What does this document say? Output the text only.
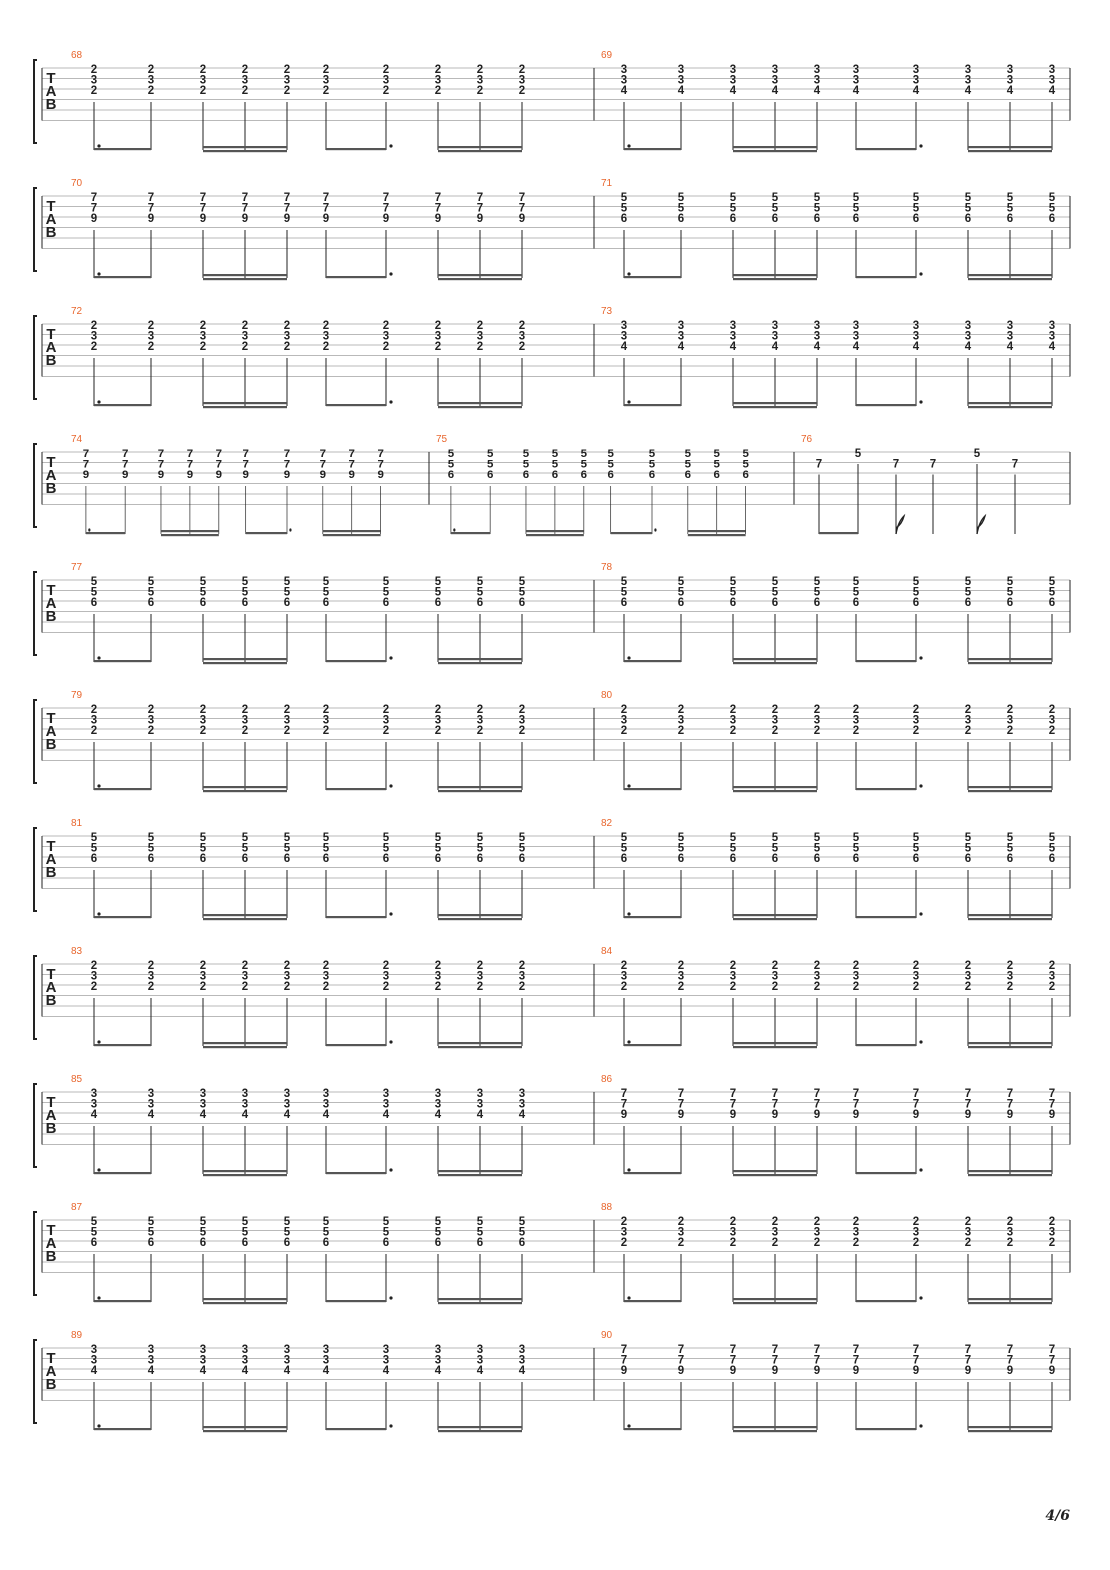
T
A
B
68
2
3
2
2
3
2
2
3
2
2
3
2
2
3
2
2
3
2
2
3
2
2
3
2
2
3
2
2
3
2
69
3
3
4
3
3
4
3
3
4
3
3
4
3
3
4
3
3
4
3
3
4
3
3
4
3
3
4
3
3
4
T
A
B
70
7
7
9
7
7
9
7
7
9
7
7
9
7
7
9
7
7
9
7
7
9
7
7
9
7
7
9
7
7
9
71
5
5
6
5
5
6
5
5
6
5
5
6
5
5
6
5
5
6
5
5
6
5
5
6
5
5
6
5
5
6
T
A
B
72
2
3
2
2
3
2
2
3
2
2
3
2
2
3
2
2
3
2
2
3
2
2
3
2
2
3
2
2
3
2
73
3
3
4
3
3
4
3
3
4
3
3
4
3
3
4
3
3
4
3
3
4
3
3
4
3
3
4
3
3
4
T
A
B
74
7
7
9
7
7
9
7
7
9
7
7
9
7
7
9
7
7
9
7
7
9
7
7
9
7
7
9
7
7
9
75
5
5
6
5
5
6
5
5
6
5
5
6
5
5
6
5
5
6
5
5
6
5
5
6
5
5
6
5
5
6
76
7
5
7	7
5
7
T
A
B
77
5
5
6
5
5
6
5
5
6
5
5
6
5
5
6
5
5
6
5
5
6
5
5
6
5
5
6
5
5
6
78
5
5
6
5
5
6
5
5
6
5
5
6
5
5
6
5
5
6
5
5
6
5
5
6
5
5
6
5
5
6
T
A
B
79
2
3
2
2
3
2
2
3
2
2
3
2
2
3
2
2
3
2
2
3
2
2
3
2
2
3
2
2
3
2
80
2
3
2
2
3
2
2
3
2
2
3
2
2
3
2
2
3
2
2
3
2
2
3
2
2
3
2
2
3
2
T
A
B
81
5
5
6
5
5
6
5
5
6
5
5
6
5
5
6
5
5
6
5
5
6
5
5
6
5
5
6
5
5
6
82
5
5
6
5
5
6
5
5
6
5
5
6
5
5
6
5
5
6
5
5
6
5
5
6
5
5
6
5
5
6
T
A
B
83
2
3
2
2
3
2
2
3
2
2
3
2
2
3
2
2
3
2
2
3
2
2
3
2
2
3
2
2
3
2
84
2
3
2
2
3
2
2
3
2
2
3
2
2
3
2
2
3
2
2
3
2
2
3
2
2
3
2
2
3
2
T
A
B
85
3
3
4
3
3
4
3
3
4
3
3
4
3
3
4
3
3
4
3
3
4
3
3
4
3
3
4
3
3
4
86
7
7
9
7
7
9
7
7
9
7
7
9
7
7
9
7
7
9
7
7
9
7
7
9
7
7
9
7
7
9
T
A
B
87
5
5
6
5
5
6
5
5
6
5
5
6
5
5
6
5
5
6
5
5
6
5
5
6
5
5
6
5
5
6
88
2
3
2
2
3
2
2
3
2
2
3
2
2
3
2
2
3
2
2
3
2
2
3
2
2
3
2
2
3
2
T
A
B
89
3
3
4
3
3
4
3
3
4
3
3
4
3
3
4
3
3
4
3
3
4
3
3
4
3
3
4
3
3
4
90
7
7
9
7
7
9
7
7
9
7
7
9
7
7
9
7
7
9
7
7
9
7
7
9
7
7
9
7
7
9
4/6
